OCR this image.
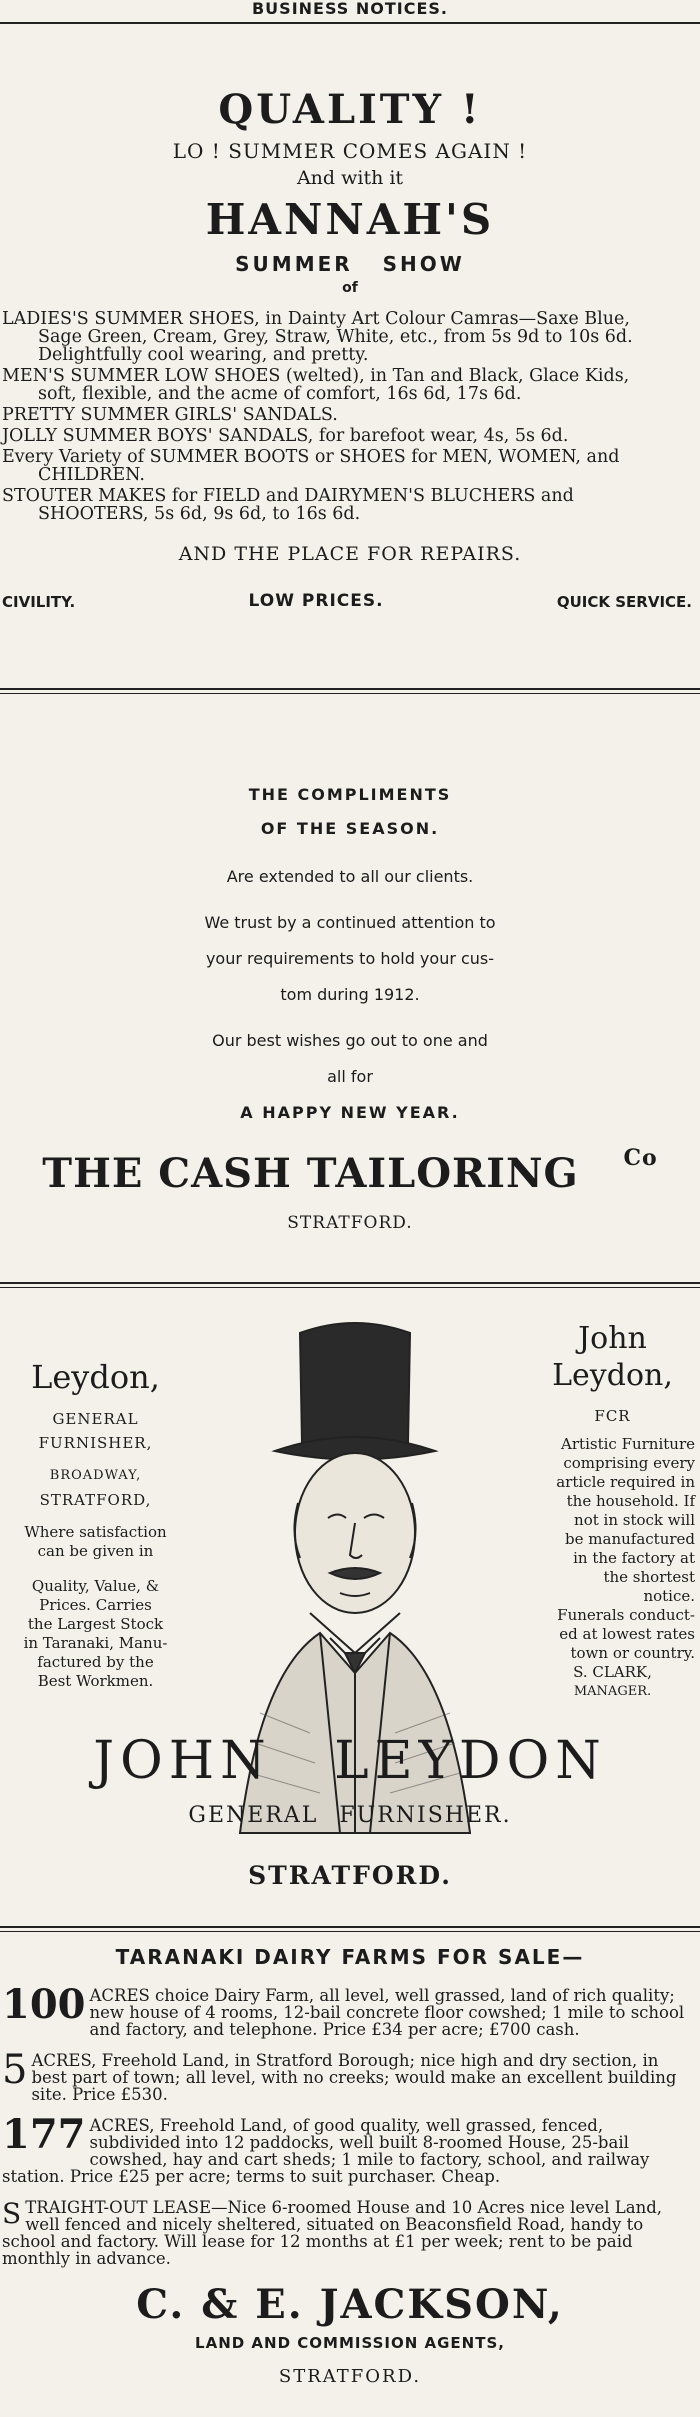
BUSINESS NOTICES.
QUALITY !
LO ! SUMMER COMES AGAIN !
And with it
HANNAH'S
SUMMER SHOW
of
LADIES'S SUMMER SHOES, in Dainty Art Colour Camras—Saxe Blue,
Sage Green, Cream, Grey, Straw, White, etc., from 5s 9d to 10s 6d.
Delightfully cool wearing, and pretty.
MEN'S SUMMER LOW SHOES (welted), in Tan and Black, Glace Kids,
soft, flexible, and the acme of comfort, 16s 6d, 17s 6d.
PRETTY SUMMER GIRLS' SANDALS.
JOLLY SUMMER BOYS' SANDALS, for barefoot wear, 4s, 5s 6d.
Every Variety of SUMMER BOOTS or SHOES for MEN, WOMEN, and
CHILDREN.
STOUTER MAKES for FIELD and DAIRYMEN'S BLUCHERS and
SHOOTERS, 5s 6d, 9s 6d, to 16s 6d.
AND THE PLACE FOR REPAIRS.
CIVILITY.	LOW PRICES.	QUICK SERVICE.

THE COMPLIMENTS

OF THE SEASON.

Are extended to all our clients.

We trust by a continued attention to

your requirements to hold your cus-

tom during 1912.

Our best wishes go out to one and

all for

A HAPPY NEW YEAR.

THE CASH TAILORING $^{Co}$
STRATFORD.
Leydon,
GENERAL
FURNISHER,
BROADWAY,
STRATFORD,
Where satisfaction
can be given in
Quality, Value, &
Prices. Carries
the Largest Stock
in Taranaki, Manu-
factured by the
Best Workmen.
John
Leydon,
FCR
Artistic Furniture
comprising every
article required in
the household. If
not in stock will
be manufactured
in the factory at
the shortest
notice.
Funerals conduct-
ed at lowest rates
town or country.
S. CLARK,
MANAGER.
JOHN LEYDON
GENERAL FURNISHER.
STRATFORD.
TARANAKI DAIRY FARMS FOR SALE—
100 ACRES choice Dairy Farm, all level, well grassed, land of rich quality; new house of 4 rooms, 12-bail concrete floor cowshed; 1 mile to school and factory, and telephone. Price £34 per acre; £700 cash.
5 ACRES, Freehold Land, in Stratford Borough; nice high and dry section, in best part of town; all level, with no creeks; would make an excellent building site. Price £530.
177 ACRES, Freehold Land, of good quality, well grassed, fenced, subdivided into 12 paddocks, well built 8-roomed House, 25-bail cowshed, hay and cart sheds; 1 mile to factory, school, and railway station. Price £25 per acre; terms to suit purchaser. Cheap.
STRAIGHT-OUT LEASE—Nice 6-roomed House and 10 Acres nice level Land, well fenced and nicely sheltered, situated on Beaconsfield Road, handy to school and factory. Will lease for 12 months at £1 per week; rent to be paid monthly in advance.
C. & E. JACKSON,
LAND AND COMMISSION AGENTS,
STRATFORD.
